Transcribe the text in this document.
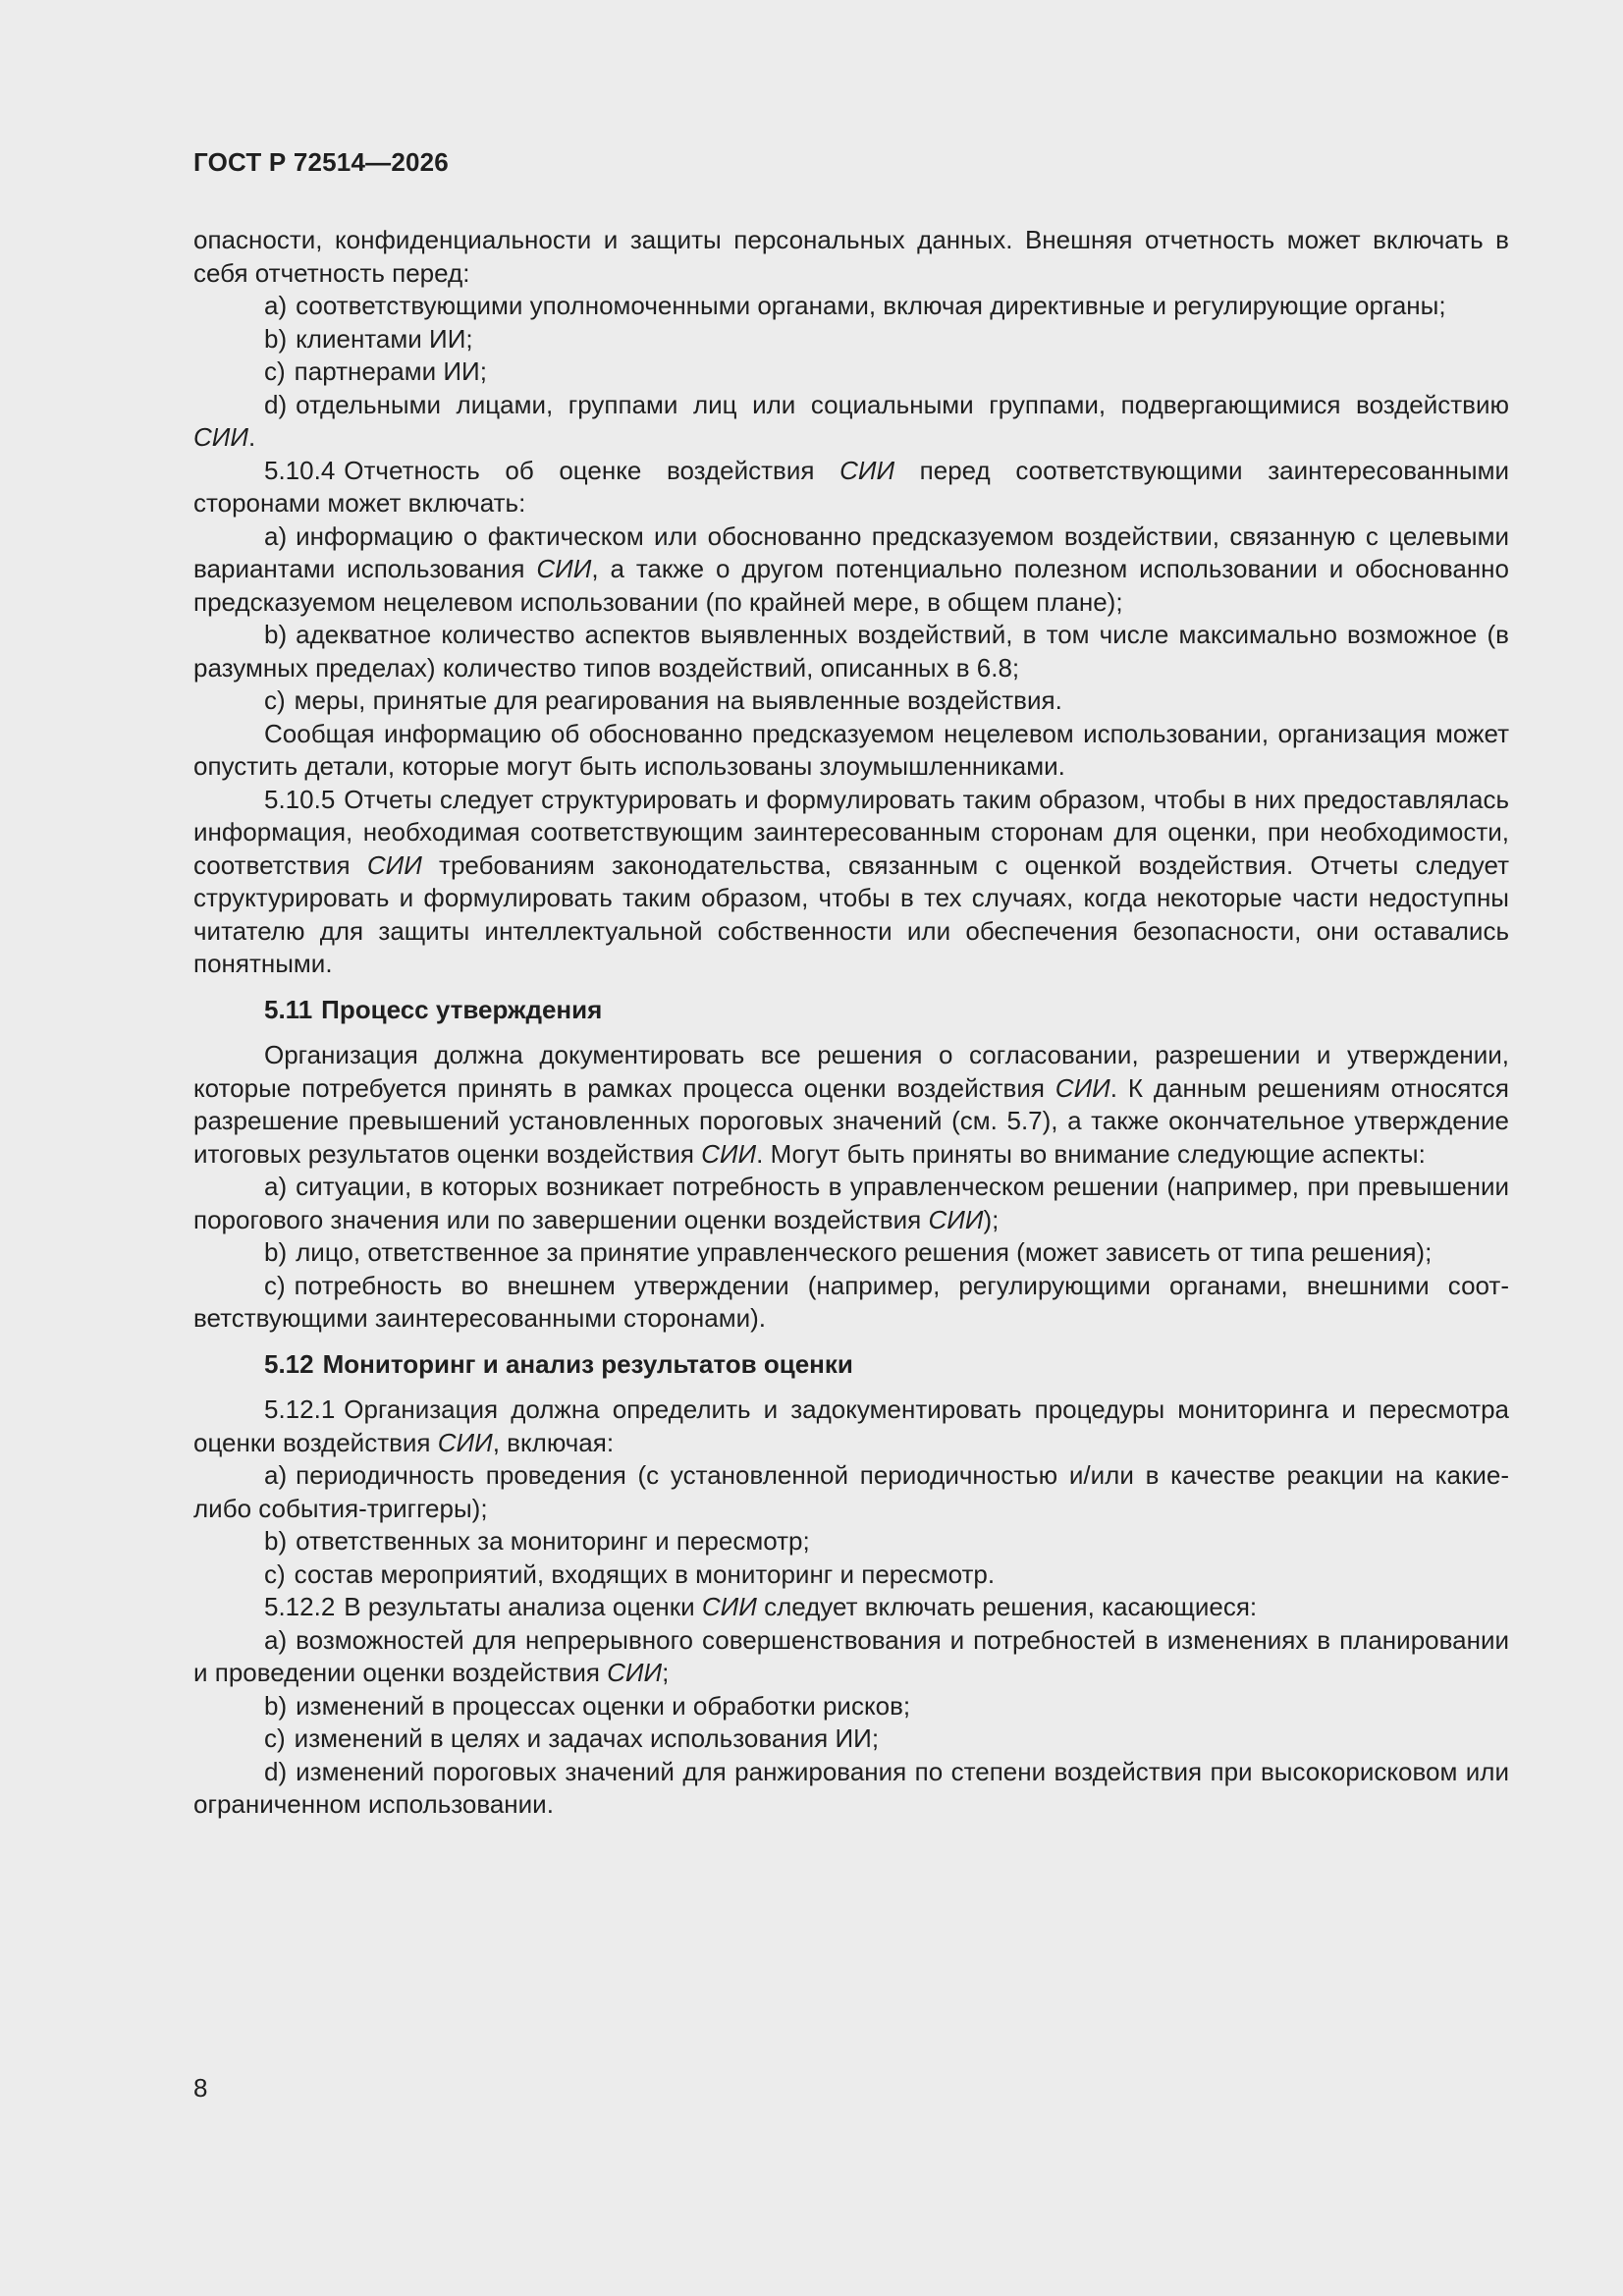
ГОСТ Р 72514—2026

опасности, конфиденциальности и защиты персональных данных. Внешняя отчетность может включать в себя отчетность перед:

a) соответствующими уполномоченными органами, включая директивные и регулирующие органы;

b) клиентами ИИ;

c) партнерами ИИ;

d) отдельными лицами, группами лиц или социальными группами, подвергающимися воздействию СИИ.

5.10.4 Отчетность об оценке воздействия СИИ перед соответствующими заинтересованными сторонами может включать:

a) информацию о фактическом или обоснованно предсказуемом воздействии, связанную с целевыми вариантами использования СИИ, а также о другом потенциально полезном использовании и обоснованно предсказуемом нецелевом использовании (по крайней мере, в общем плане);

b) адекватное количество аспектов выявленных воздействий, в том числе максимально возможное (в разумных пределах) количество типов воздействий, описанных в 6.8;

c) меры, принятые для реагирования на выявленные воздействия.

Сообщая информацию об обоснованно предсказуемом нецелевом использовании, организация может опустить детали, которые могут быть использованы злоумышленниками.

5.10.5 Отчеты следует структурировать и формулировать таким образом, чтобы в них предоставлялась информация, необходимая соответствующим заинтересованным сторонам для оценки, при необходимости, соответствия СИИ требованиям законодательства, связанным с оценкой воздействия. Отчеты следует структурировать и формулировать таким образом, чтобы в тех случаях, когда некоторые части недоступны читателю для защиты интеллектуальной собственности или обеспечения безопасности, они оставались понятными.

5.11 Процесс утверждения

Организация должна документировать все решения о согласовании, разрешении и утверждении, которые потребуется принять в рамках процесса оценки воздействия СИИ. К данным решениям относятся разрешение превышений установленных пороговых значений (см. 5.7), а также окончательное утверждение итоговых результатов оценки воздействия СИИ. Могут быть приняты во внимание следующие аспекты:

a) ситуации, в которых возникает потребность в управленческом решении (например, при превышении порогового значения или по завершении оценки воздействия СИИ);

b) лицо, ответственное за принятие управленческого решения (может зависеть от типа решения);

c) потребность во внешнем утверждении (например, регулирующими органами, внешними соответствующими заинтересованными сторонами).

5.12 Мониторинг и анализ результатов оценки

5.12.1 Организация должна определить и задокументировать процедуры мониторинга и пересмотра оценки воздействия СИИ, включая:

a) периодичность проведения (с установленной периодичностью и/или в качестве реакции на какие-либо события-триггеры);

b) ответственных за мониторинг и пересмотр;

c) состав мероприятий, входящих в мониторинг и пересмотр.

5.12.2 В результаты анализа оценки СИИ следует включать решения, касающиеся:

a) возможностей для непрерывного совершенствования и потребностей в изменениях в планировании и проведении оценки воздействия СИИ;

b) изменений в процессах оценки и обработки рисков;

c) изменений в целях и задачах использования ИИ;

d) изменений пороговых значений для ранжирования по степени воздействия при высокорисковом или ограниченном использовании.

8
